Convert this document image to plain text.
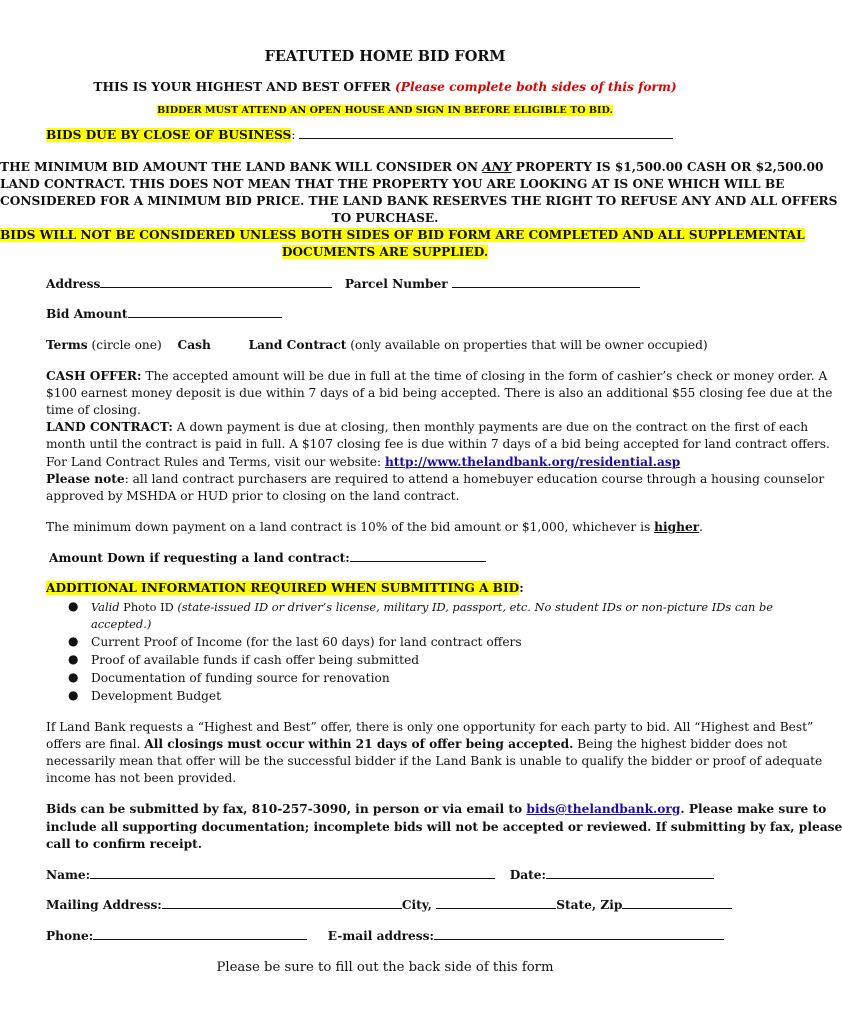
FEATUTED HOME BID FORM
THIS IS YOUR HIGHEST AND BEST OFFER (Please complete both sides of this form)
BIDDER MUST ATTEND AN OPEN HOUSE AND SIGN IN BEFORE ELIGIBLE TO BID.
BIDS DUE BY CLOSE OF BUSINESS:
THE MINIMUM BID AMOUNT THE LAND BANK WILL CONSIDER ON ANY PROPERTY IS $1,500.00 CASH OR $2,500.00
LAND CONTRACT. THIS DOES NOT MEAN THAT THE PROPERTY YOU ARE LOOKING AT IS ONE WHICH WILL BE
CONSIDERED FOR A MINIMUM BID PRICE. THE LAND BANK RESERVES THE RIGHT TO REFUSE ANY AND ALL OFFERS
TO PURCHASE.
BIDS WILL NOT BE CONSIDERED UNLESS BOTH SIDES OF BID FORM ARE COMPLETED AND ALL SUPPLEMENTAL
DOCUMENTS ARE SUPPLIED.
Address	Parcel Number
Bid Amount
Terms (circle one) Cash	Land Contract (only available on properties that will be owner occupied)
CASH OFFER: The accepted amount will be due in full at the time of closing in the form of cashier’s check or money order. A
$100 earnest money deposit is due within 7 days of a bid being accepted. There is also an additional $55 closing fee due at the
time of closing.
LAND CONTRACT: A down payment is due at closing, then monthly payments are due on the contract on the first of each
month until the contract is paid in full. A $107 closing fee is due within 7 days of a bid being accepted for land contract offers.
For Land Contract Rules and Terms, visit our website: http://www.thelandbank.org/residential.asp
Please note: all land contract purchasers are required to attend a homebuyer education course through a housing counselor
approved by MSHDA or HUD prior to closing on the land contract.
The minimum down payment on a land contract is 10% of the bid amount or $1,000, whichever is higher.
Amount Down if requesting a land contract:
ADDITIONAL INFORMATION REQUIRED WHEN SUBMITTING A BID:
● Valid Photo ID (state-issued ID or driver’s license, military ID, passport, etc. No student IDs or non-picture IDs can be
accepted.)
● Current Proof of Income (for the last 60 days) for land contract offers
● Proof of available funds if cash offer being submitted
● Documentation of funding source for renovation
● Development Budget
If Land Bank requests a “Highest and Best” offer, there is only one opportunity for each party to bid. All “Highest and Best”
offers are final. All closings must occur within 21 days of offer being accepted. Being the highest bidder does not
necessarily mean that offer will be the successful bidder if the Land Bank is unable to qualify the bidder or proof of adequate
income has not been provided.
Bids can be submitted by fax, 810-257-3090, in person or via email to bids@thelandbank.org. Please make sure to
include all supporting documentation; incomplete bids will not be accepted or reviewed. If submitting by fax, please
call to confirm receipt.
Name:	Date:
Mailing Address:	City,	State, Zip
Phone:	E-mail address:
Please be sure to fill out the back side of this form
